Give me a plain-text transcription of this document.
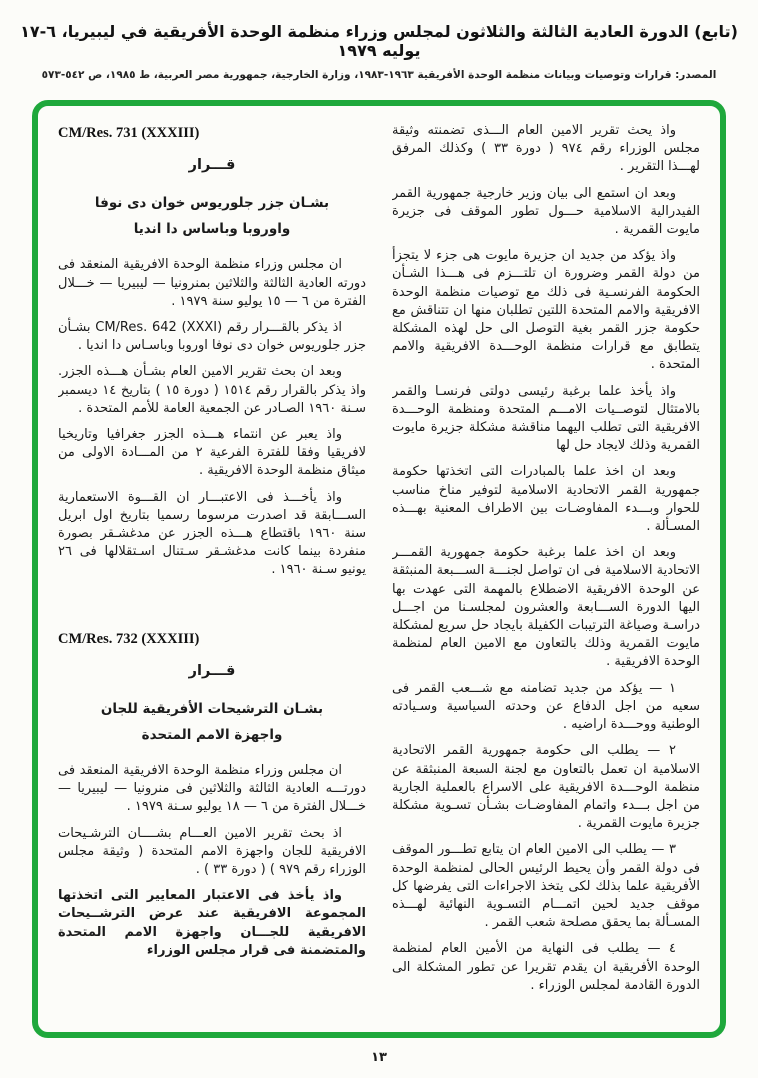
(تابع) الدورة العادية الثالثة والثلاثون لمجلس وزراء منظمة الوحدة الأفريقية في ليبيريا، ٦-١٧ يوليه ١٩٧٩
المصدر: قرارات وتوصيات وبيانات منظمة الوحدة الأفريقية ١٩٦٣-١٩٨٣، وزارة الخارجية، جمهورية مصر العربية، ط ١٩٨٥، ص ٥٤٢-٥٧٣

واذ يحث تقرير الامين العام الـــذى تضمنته وثيقة مجلس الوزراء رقم ٩٧٤ ( دورة ٣٣ ) وكذلك المرفق لهـــذا التقرير .

وبعد ان استمع الى بيان وزير خارجية جمهورية القمر الفيدرالية الاسلامية حـــول تطور الموقف فى جزيرة مايوت القمرية .

واذ يؤكد من جديد ان جزيرة مايوت هى جزء لا يتجزأ من دولة القمر وضرورة ان تلتـــزم فى هـــذا الشـأن الحكومة الفرنسـية فى ذلك مع توصيات منظمة الوحدة الافريقية والامم المتحدة اللتين تطلبان منها ان تتناقش مع حكومة جزر القمر بغية التوصل الى حل لهذه المشكلة يتطابق مع قرارات منظمة الوحـــدة الافريقية والامم المتحدة .

واذ يأخذ علما برغبة رئيسى دولتى فرنسـا والقمر بالامتثال لتوصــيات الامـــم المتحدة ومنظمة الوحـــدة الافريقية التى تطلب اليهما مناقشة مشكلة جزيرة مايوت القمرية وذلك لايجاد حل لها

وبعد ان اخذ علما بالمبادرات التى اتخذتها حكومة جمهورية القمر الاتحادية الاسلامية لتوفير مناخ مناسب للحوار وبـــدء المفاوضـات بين الاطراف المعنية بهـــذه المسـألة .

وبعد ان اخذ علما برغبة حكومة جمهورية القمـــر الاتحادية الاسلامية فى ان تواصل لجنـــة الســـبعة المنبثقة عن الوحدة الافريقية الاضطلاع بالمهمة التى عهدت بها اليها الدورة الســـابعة والعشرون لمجلسـنا من اجـــل دراسـة وصياغة الترتيبات الكفيلة بايجاد حل سريع لمشكلة مايوت القمرية وذلك بالتعاون مع الامين العام لمنظمة الوحدة الافريقية .

١ — يؤكد من جديد تضامنه مع شـــعب القمر فى سعيه من اجل الدفاع عن وحدته السياسية وسـيادته الوطنية ووحـــدة اراضيه .

٢ — يطلب الى حكومة جمهورية القمر الاتحادية الاسلامية ان تعمل بالتعاون مع لجنة السبعة المنبثقة عن منظمة الوحـــدة الافريقية على الاسراع بالعملية الجارية من اجل بـــدء واتمام المفاوضـات بشـأن تسـوية مشكلة جزيرة مايوت القمرية .

٣ — يطلب الى الامين العام ان يتابع تطـــور الموقف فى دولة القمر وأن يحيط الرئيس الحالى لمنظمة الوحدة الأفريقية علما بذلك لكى يتخذ الاجراءات التى يفرضها كل موقف جديد لحين اتمـــام التسـوية النهائية لهـــذه المسـألة بما يحقق مصلحة شعب القمر .

٤ — يطلب فى النهاية من الأمين العام لمنظمة الوحدة الأفريقية ان يقدم تقريرا عن تطور المشكلة الى الدورة القادمة لمجلس الوزراء .

CM/Res. 731 (XXXIII)
قـــرار
بشـان جزر جلوريوس خوان دى نوفا
واوروبا وباساس دا انديا

ان مجلس وزراء منظمة الوحدة الافريقية المنعقد فى دورته العادية الثالثة والثلاثين بمنرونيا — ليبيريا — خـــلال الفترة من ٦ — ١٥ يوليو سنة ١٩٧٩ .

اذ يذكر بالقـــرار رقم CM/Res. 642 (XXXI) بشـأن جزر جلوريوس خوان دى نوفا اوروبا وباسـاس دا انديا .

وبعد ان بحث تقرير الامين العام بشـأن هـــذه الجزر. واذ يذكر بالقرار رقم ١٥١٤ ( دورة ١٥ ) بتاريخ ١٤ ديسمبر سـنة ١٩٦٠ الصـادر عن الجمعية العامة للأمم المتحدة .

واذ يعبر عن انتماء هـــذه الجزر جغرافيا وتاريخيا لافريقيا وفقا للفترة الفرعية ٢ من المـــادة الاولى من ميثاق منظمة الوحدة الافريقية .

واذ يأخـــذ فى الاعتبـــار ان القـــوة الاستعمارية الســـابقة قد اصدرت مرسوما رسميا بتاريخ اول ابريل سنة ١٩٦٠ باقتطاع هـــذه الجزر عن مدغشـقر بصورة منفردة بينما كانت مدغشـقر سـتنال اسـتقلالها فى ٢٦ يونيو سـنة ١٩٦٠ .

CM/Res. 732 (XXXIII)
قـــرار
بشـان الترشيحات الأفريقية للجان
واجهزة الامم المتحدة

ان مجلس وزراء منظمة الوحدة الافريقية المنعقد فى دورتـــه العادية الثالثة والثلاثين فى منرونيا — ليبيريا — خـــلال الفترة من ٦ — ١٨ يوليو سـنة ١٩٧٩ .

اذ بحث تقرير الامين العـــام بشــــان الترشـيحات الافريقية للجان واجهزة الامم المتحدة ( وثيقة مجلس الوزراء رقم ٩٧٩ ) ( دورة ٣٣ ) .

واذ يأخذ فى الاعتبار المعايير التى اتخذتها المجموعة الافريقية عند عرض الترشــيحات الافريقية للجـــان واجهزة الامم المتحدة والمتضمنة فى قرار مجلس الوزراء

١٣
